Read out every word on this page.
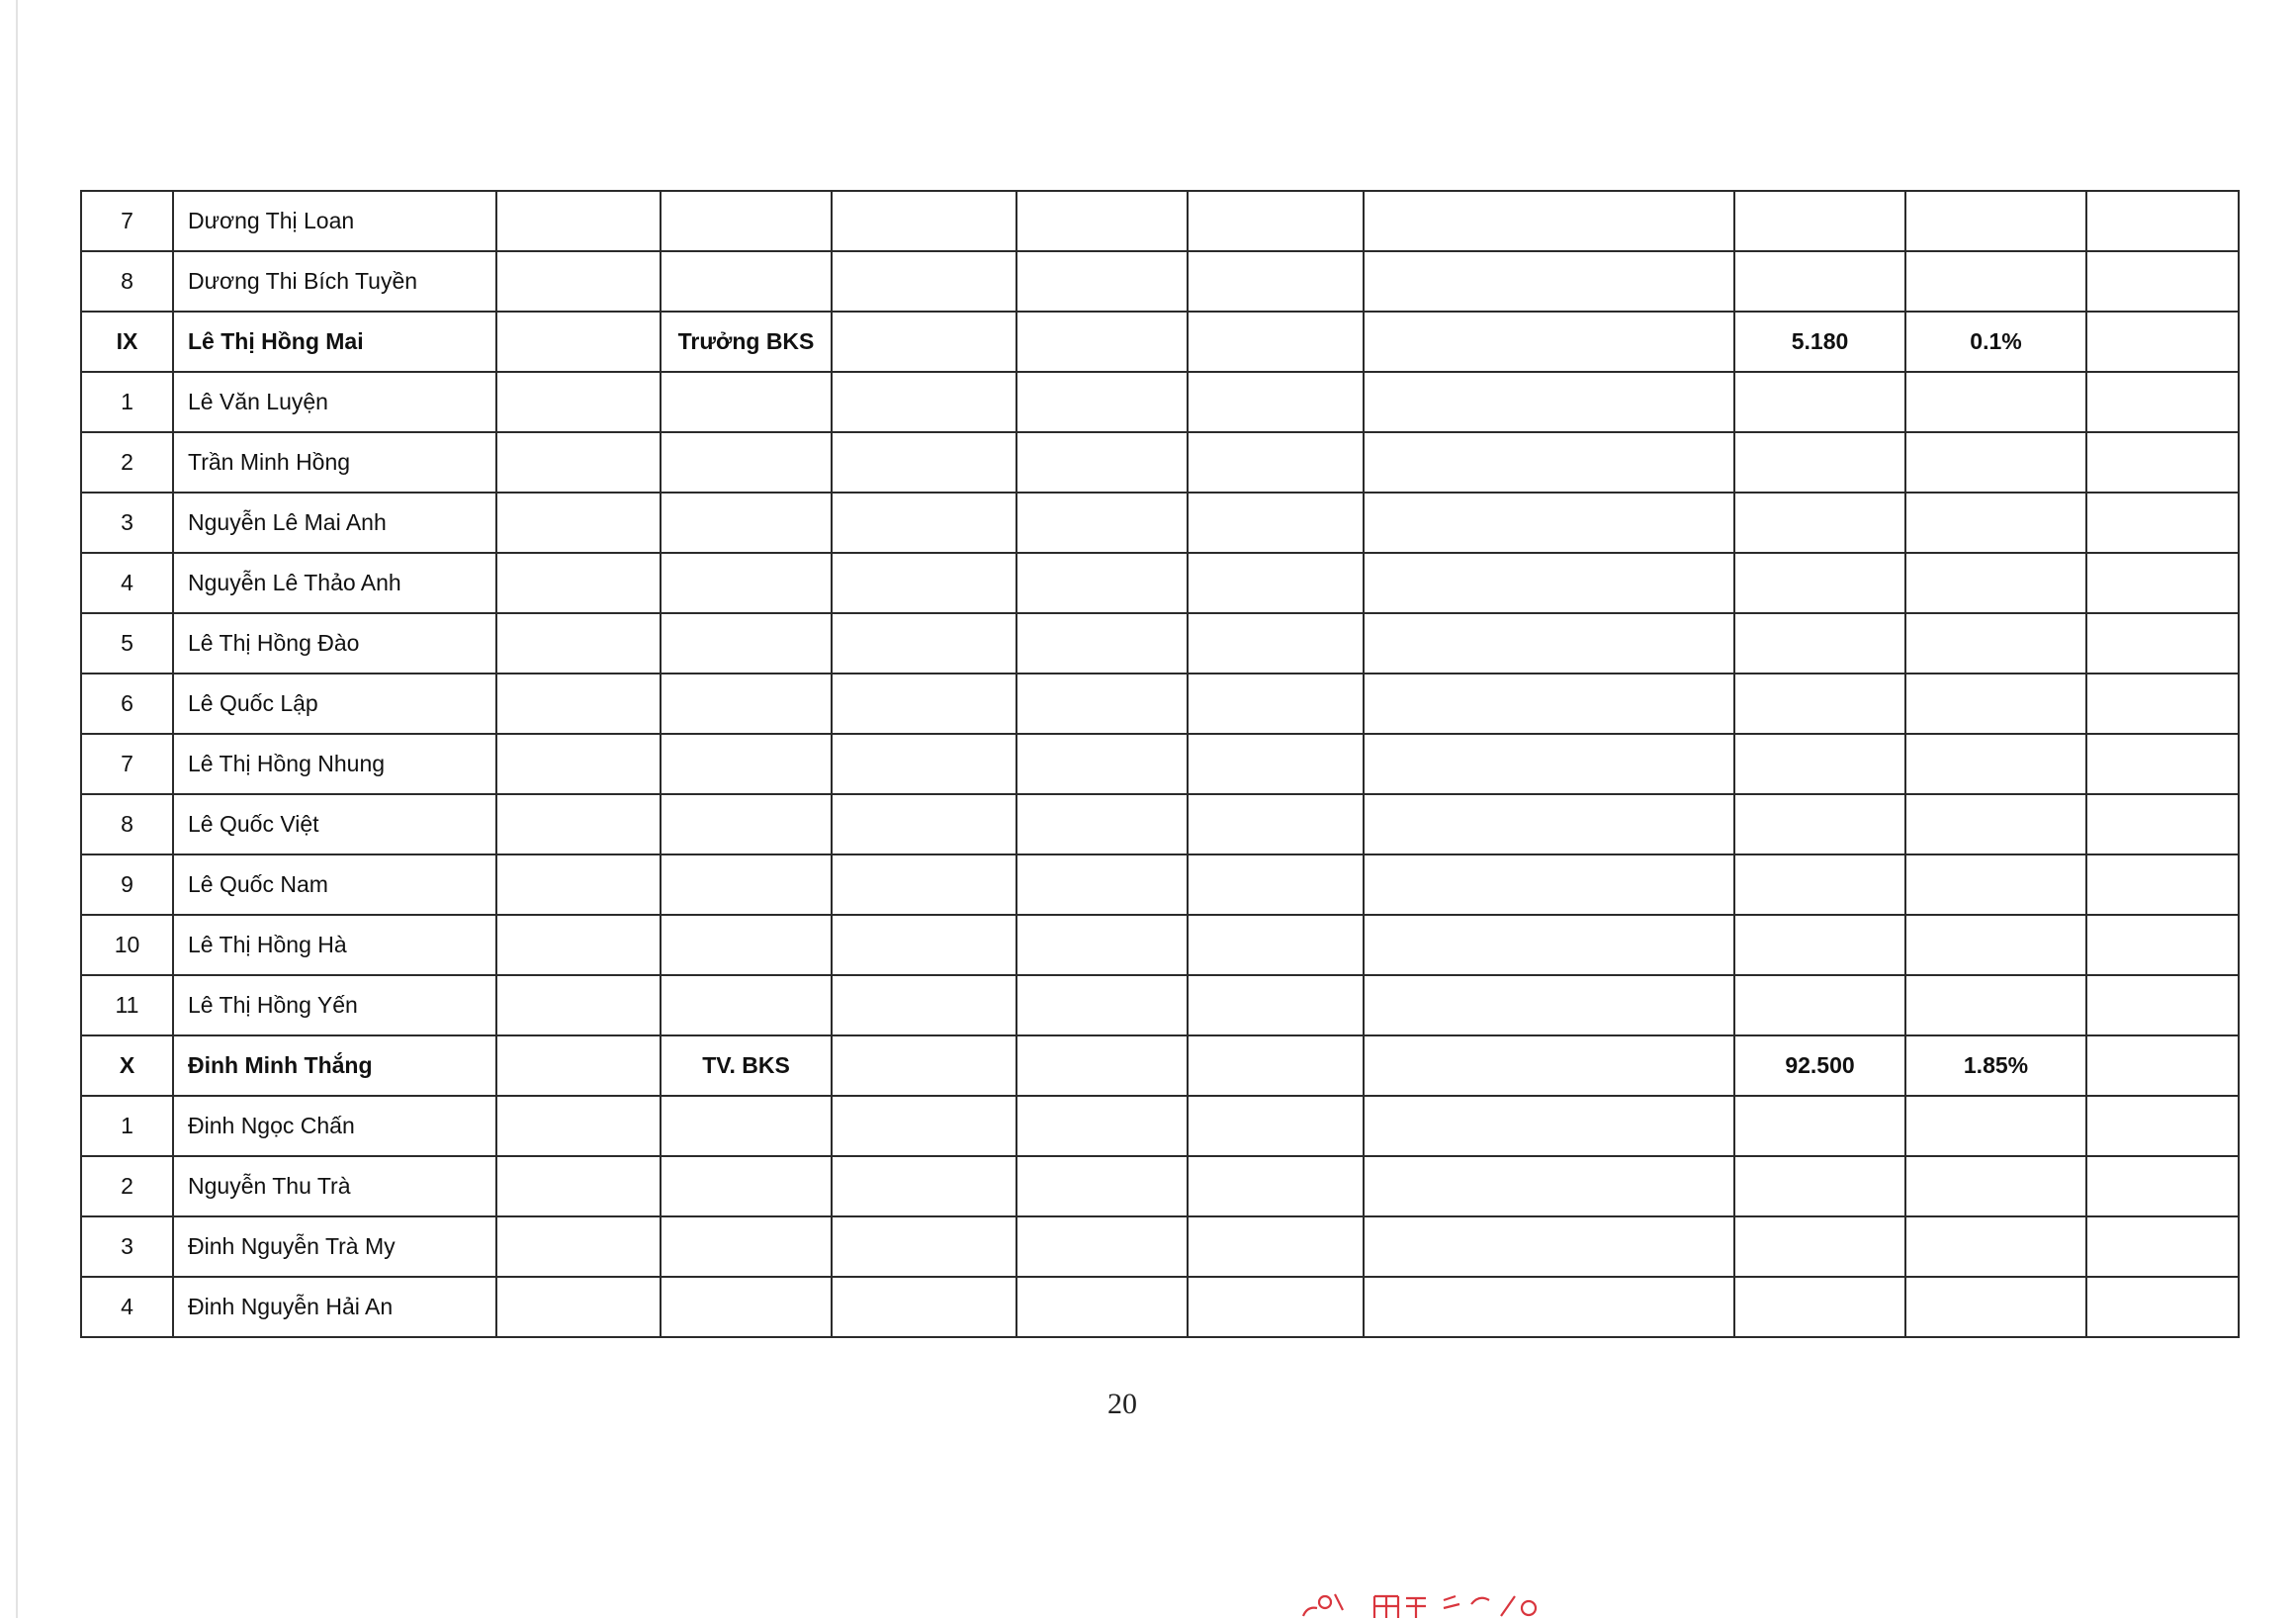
7	Dương Thị Loan									
8	Dương Thi Bích Tuyền									
IX	Lê Thị Hồng Mai		Trưởng BKS					5.180	0.1%	
1	Lê Văn Luyện									
2	Trần Minh Hồng									
3	Nguyễn Lê Mai Anh									
4	Nguyễn Lê Thảo Anh									
5	Lê Thị Hồng Đào									
6	Lê Quốc Lập									
7	Lê Thị Hồng Nhung									
8	Lê Quốc Việt									
9	Lê Quốc Nam									
10	Lê Thị Hồng Hà									
11	Lê Thị Hồng Yến									
X	Đinh Minh Thắng		TV. BKS					92.500	1.85%	
1	Đinh Ngọc Chấn									
2	Nguyễn Thu Trà									
3	Đinh Nguyễn Trà My									
4	Đinh Nguyễn Hải An									
20
